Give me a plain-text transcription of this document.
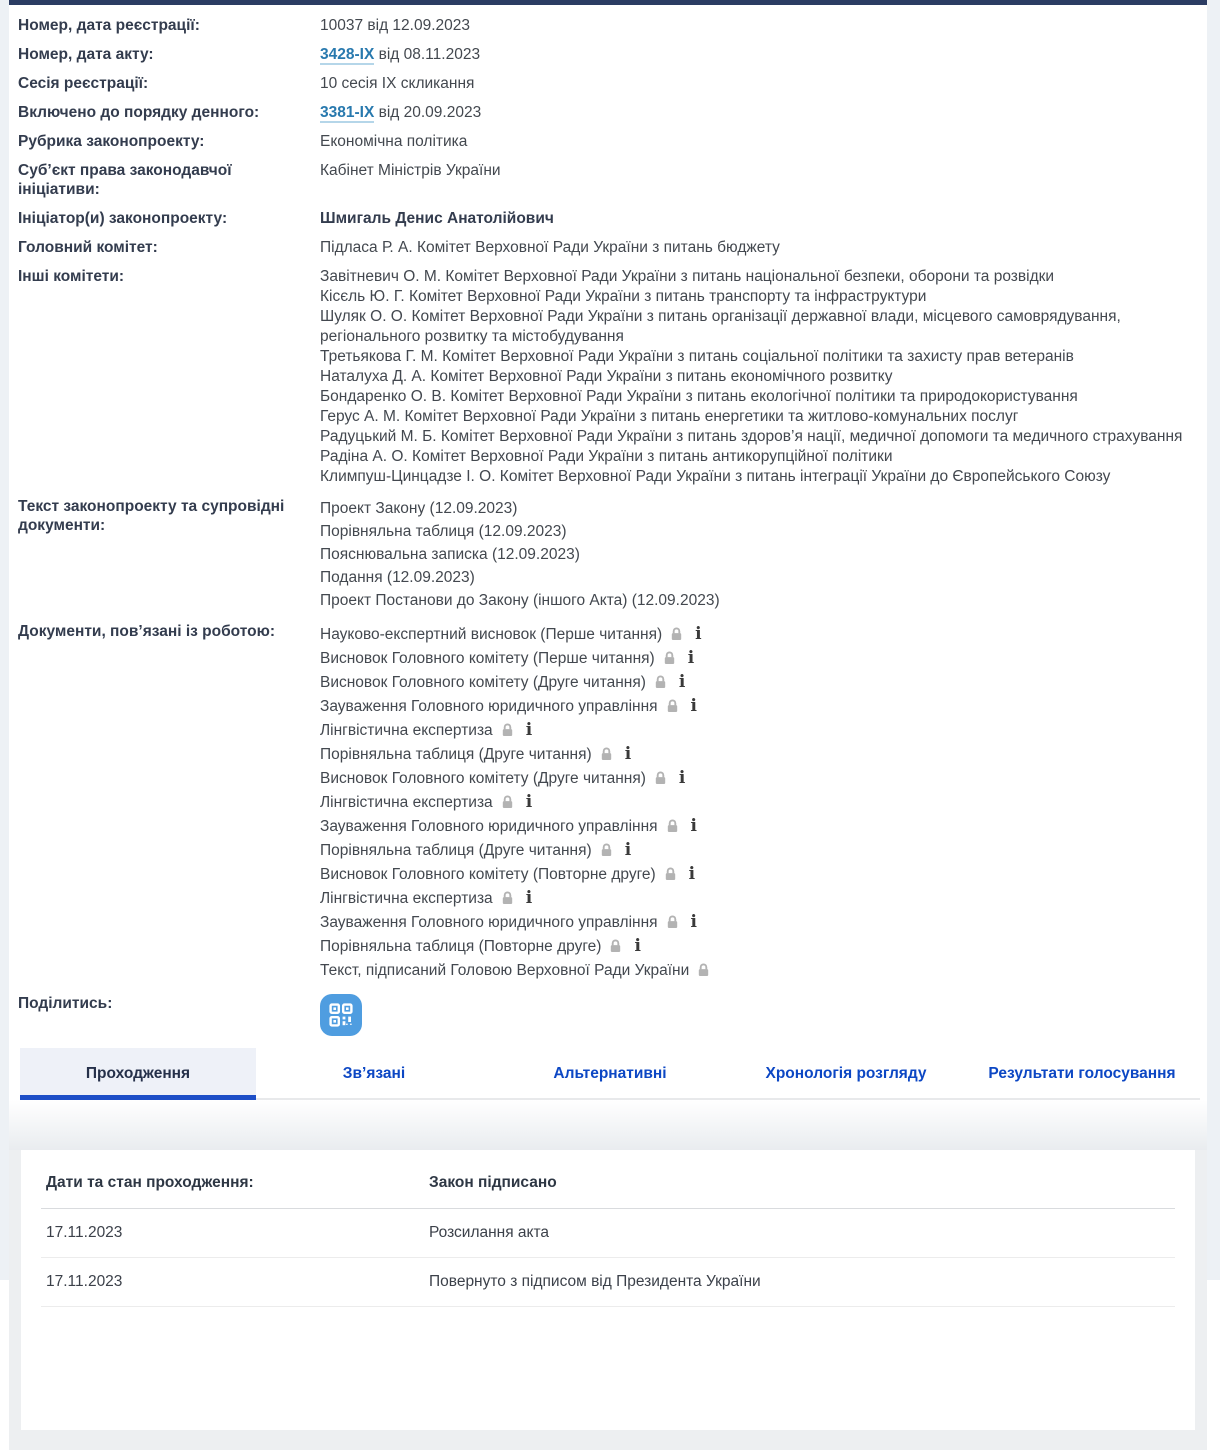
Номер, дата реєстрації:	10037 від 12.09.2023
Номер, дата акту:	3428-IX від 08.11.2023
Сесія реєстрації:	10 сесія IX скликання
Включено до порядку денного:	3381-IX від 20.09.2023
Рубрика законопроекту:	Економічна політика
Суб’єкт права законодавчої ініціативи:
Кабінет Міністрів України
Ініціатор(и) законопроекту:	Шмигаль Денис Анатолійович
Головний комітет:	Підласа Р. А. Комітет Верховної Ради України з питань бюджету
Інші комітети:	Завітневич О. М. Комітет Верховної Ради України з питань національної безпеки, оборони та розвідки
Кісєль Ю. Г. Комітет Верховної Ради України з питань транспорту та інфраструктури
Шуляк О. О. Комітет Верховної Ради України з питань організації державної влади, місцевого самоврядування, регіонального розвитку та містобудування
Третьякова Г. М. Комітет Верховної Ради України з питань соціальної політики та захисту прав ветеранів
Наталуха Д. А. Комітет Верховної Ради України з питань економічного розвитку
Бондаренко О. В. Комітет Верховної Ради України з питань екологічної політики та природокористування
Герус А. М. Комітет Верховної Ради України з питань енергетики та житлово-комунальних послуг
Радуцький М. Б. Комітет Верховної Ради України з питань здоров’я нації, медичної допомоги та медичного страхування
Радіна А. О. Комітет Верховної Ради України з питань антикорупційної політики
Климпуш-Цинцадзе І. О. Комітет Верховної Ради України з питань інтеграції України до Європейського Союзу
Текст законопроекту та супровідні документи:
Проект Закону (12.09.2023)
Порівняльна таблиця (12.09.2023)
Пояснювальна записка (12.09.2023)
Подання (12.09.2023)
Проект Постанови до Закону (іншого Акта) (12.09.2023)
Документи, пов’язані із роботою:	Науково-експертний висновок (Перше читання)
i
Висновок Головного комітету (Перше читання)
i
Висновок Головного комітету (Друге читання)
i
Зауваження Головного юридичного управління
i
Лінгвістична експертиза
i
Порівняльна таблиця (Друге читання)
i
Висновок Головного комітету (Друге читання)
i
Лінгвістична експертиза
i
Зауваження Головного юридичного управління
i
Порівняльна таблиця (Друге читання)
i
Висновок Головного комітету (Повторне друге)
i
Лінгвістична експертиза
i
Зауваження Головного юридичного управління
i
Порівняльна таблиця (Повторне друге)
i
Текст, підписаний Головою Верховної Ради України
Поділитись:
Проходження	Зв’язані	Альтернативні	Хронологія розгляду	Результати голосування
Дати та стан проходження:	Закон підписано
17.11.2023	Розсилання акта
17.11.2023	Повернуто з підписом від Президента України
